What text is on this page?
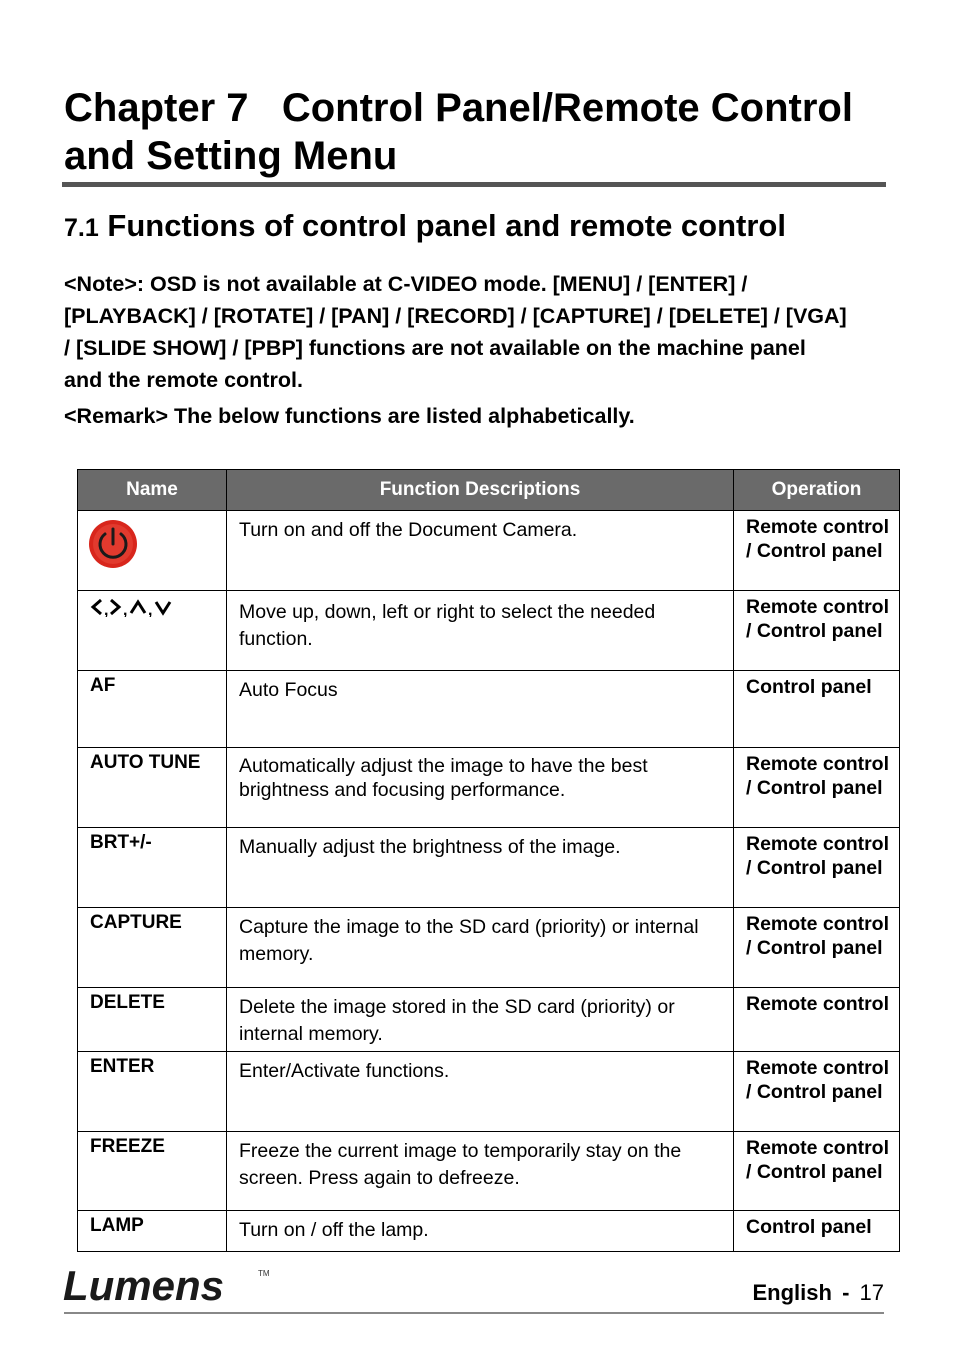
Chapter 7   Control Panel/Remote Control
and Setting Menu
7.1 Functions of control panel and remote control

<Note>: OSD is not available at C-VIDEO mode. [MENU] / [ENTER] /
[PLAYBACK] / [ROTATE] / [PAN] / [RECORD] / [CAPTURE] / [DELETE] / [VGA]
/ [SLIDE SHOW] / [PBP] functions are not available on the machine panel
and the remote control.

<Remark> The below functions are listed alphabetically.

Name	Function Descriptions	Operation

	Turn on and off the Document Camera.	Remote control / Control panel

, , ,	Move up, down, left or right to select the needed function.	Remote control / Control panel
AF	Auto Focus	Control panel
AUTO TUNE	Automatically adjust the image to have the best brightness and focusing performance.	Remote control / Control panel
BRT+/-	Manually adjust the brightness of the image.	Remote control / Control panel
CAPTURE	Capture the image to the SD card (priority) or internal memory.	Remote control / Control panel
DELETE	Delete the image stored in the SD card (priority) or internal memory.	Remote control
ENTER	Enter/Activate functions.	Remote control / Control panel
FREEZE	Freeze the current image to temporarily stay on the screen. Press again to defreeze.	Remote control / Control panel
LAMP	Turn on / off the lamp.	Control panel
Lumens	TM
English - 17
